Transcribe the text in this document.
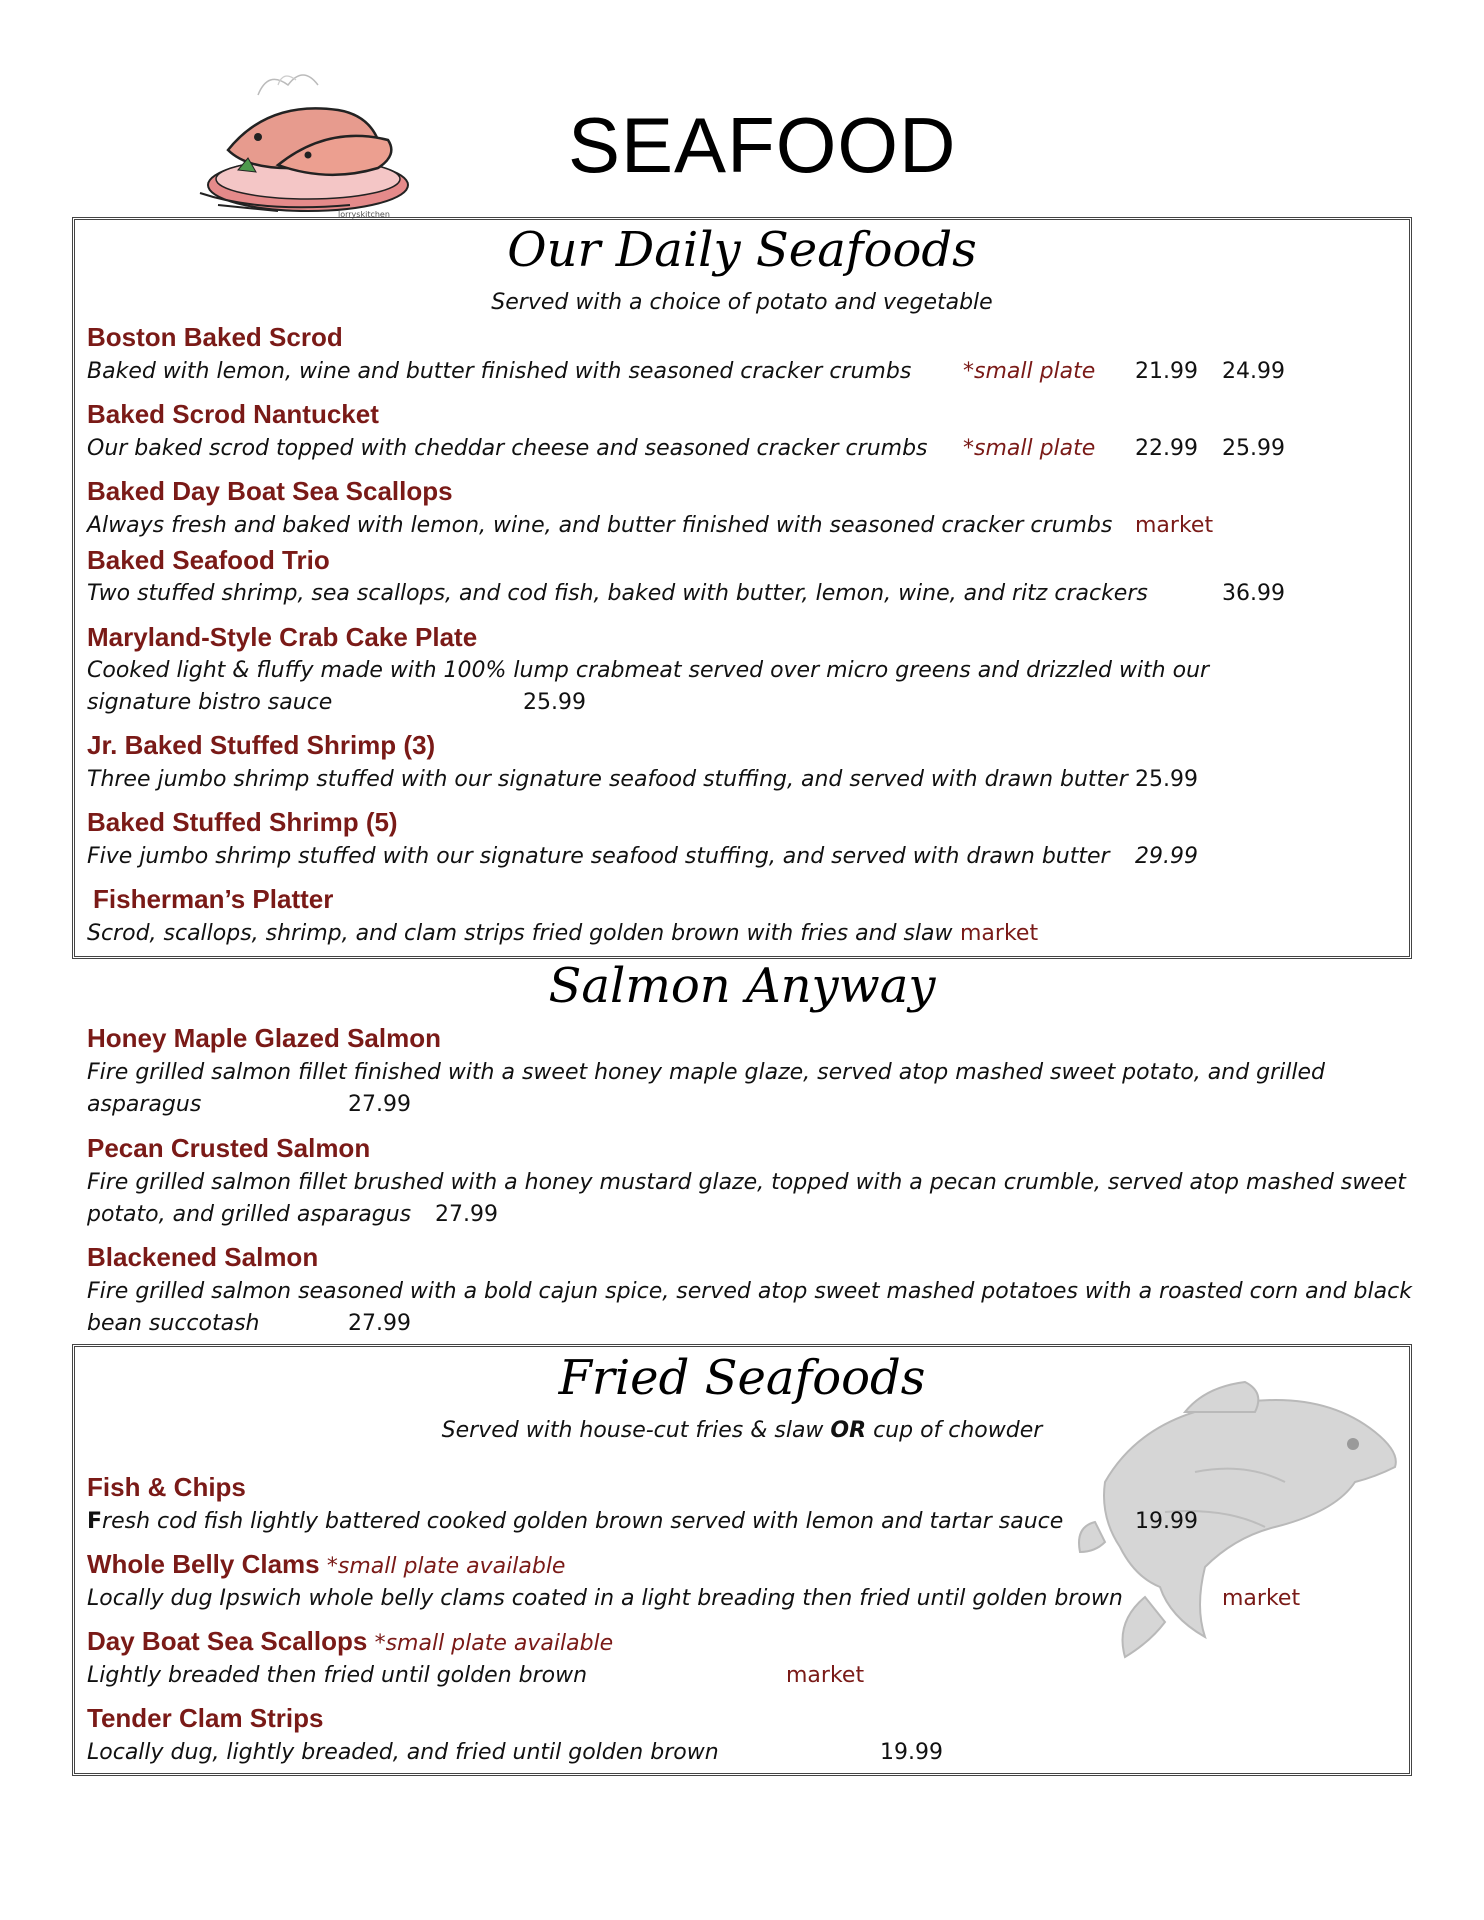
lorryskitchen
SEAFOOD
Our Daily Seafoods
Served with a choice of potato and vegetable
Boston Baked Scrod
Baked with lemon, wine and butter finished with seasoned cracker crumbs *small plate 21.99 24.99
Baked Scrod Nantucket
Our baked scrod topped with cheddar cheese and seasoned cracker crumbs *small plate 22.99 25.99
Baked Day Boat Sea Scallops
Always fresh and baked with lemon, wine, and butter finished with seasoned cracker crumbs market
Baked Seafood Trio
Two stuffed shrimp, sea scallops, and cod fish, baked with butter, lemon, wine, and ritz crackers	36.99
Maryland-Style Crab Cake Plate
Cooked light & fluffy made with 100% lump crabmeat served over micro greens and drizzled with our
signature bistro sauce	25.99
Jr. Baked Stuffed Shrimp (3)
Three jumbo shrimp stuffed with our signature seafood stuffing, and served with drawn butter 25.99
Baked Stuffed Shrimp (5)
Five jumbo shrimp stuffed with our signature seafood stuffing, and served with drawn butter 29.99
Fisherman’s Platter
Scrod, scallops, shrimp, and clam strips fried golden brown with fries and slaw market
Salmon Anyway
Honey Maple Glazed Salmon
Fire grilled salmon fillet finished with a sweet honey maple glaze, served atop mashed sweet potato, and grilled
asparagus	27.99
Pecan Crusted Salmon
Fire grilled salmon fillet brushed with a honey mustard glaze, topped with a pecan crumble, served atop mashed sweet
potato, and grilled asparagus 27.99
Blackened Salmon
Fire grilled salmon seasoned with a bold cajun spice, served atop sweet mashed potatoes with a roasted corn and black
bean succotash	27.99
Fried Seafoods
Served with house-cut fries & slaw OR cup of chowder
Fish & Chips
Fresh cod fish lightly battered cooked golden brown served with lemon and tartar sauce	19.99
Whole Belly Clams *small plate available
Locally dug Ipswich whole belly clams coated in a light breading then fried until golden brown	market
Day Boat Sea Scallops *small plate available
Lightly breaded then fried until golden brown	market
Tender Clam Strips
Locally dug, lightly breaded, and fried until golden brown	19.99
